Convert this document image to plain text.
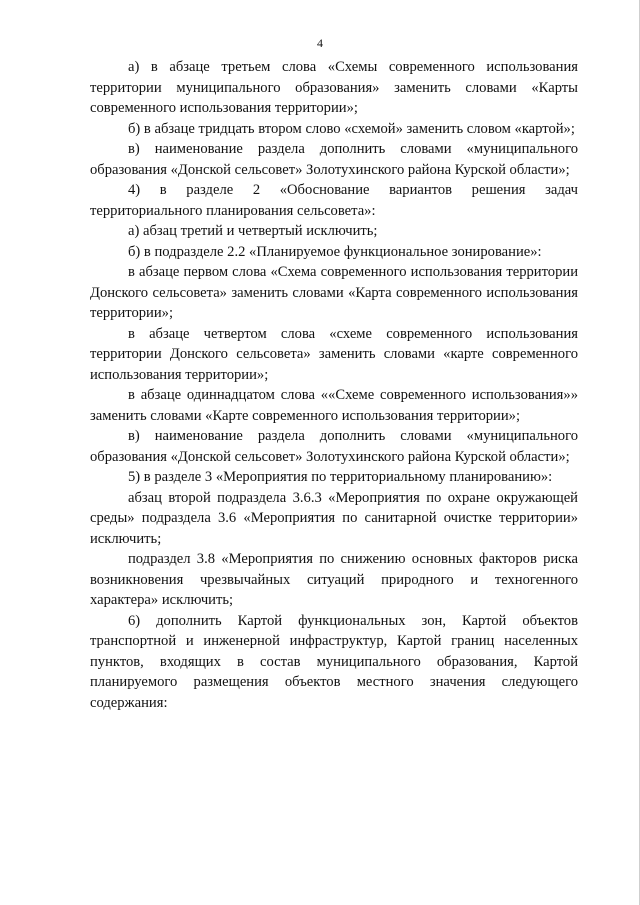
4

а) в абзаце третьем слова «Схемы современного использования территории муниципального образования» заменить словами «Карты современного использования территории»;

б) в абзаце тридцать втором слово «схемой» заменить словом «картой»;

в) наименование раздела дополнить словами «муниципального образования «Донской сельсовет» Золотухинского района Курской области»;

4) в разделе 2 «Обоснование вариантов решения задач территориального планирования сельсовета»:

а) абзац третий и четвертый исключить;

б) в подразделе 2.2 «Планируемое функциональное зонирование»:

в абзаце первом слова «Схема современного использования территории Донского сельсовета» заменить словами «Карта современного использования территории»;

в абзаце четвертом слова «схеме современного использования территории Донского сельсовета» заменить словами «карте современного использования территории»;

в абзаце одиннадцатом слова ««Схеме современного использования»» заменить словами «Карте современного использования территории»;

в) наименование раздела дополнить словами «муниципального образования «Донской сельсовет» Золотухинского района Курской области»;

5) в разделе 3 «Мероприятия по территориальному планированию»:

абзац второй подраздела 3.6.3 «Мероприятия по охране окружающей среды» подраздела 3.6 «Мероприятия по санитарной очистке территории» исключить;

подраздел 3.8 «Мероприятия по снижению основных факторов риска возникновения чрезвычайных ситуаций природного и техногенного характера» исключить;

6) дополнить Картой функциональных зон, Картой объектов транспортной и инженерной инфраструктур, Картой границ населенных пунктов, входящих в состав муниципального образования, Картой планируемого размещения объектов местного значения следующего содержания:
